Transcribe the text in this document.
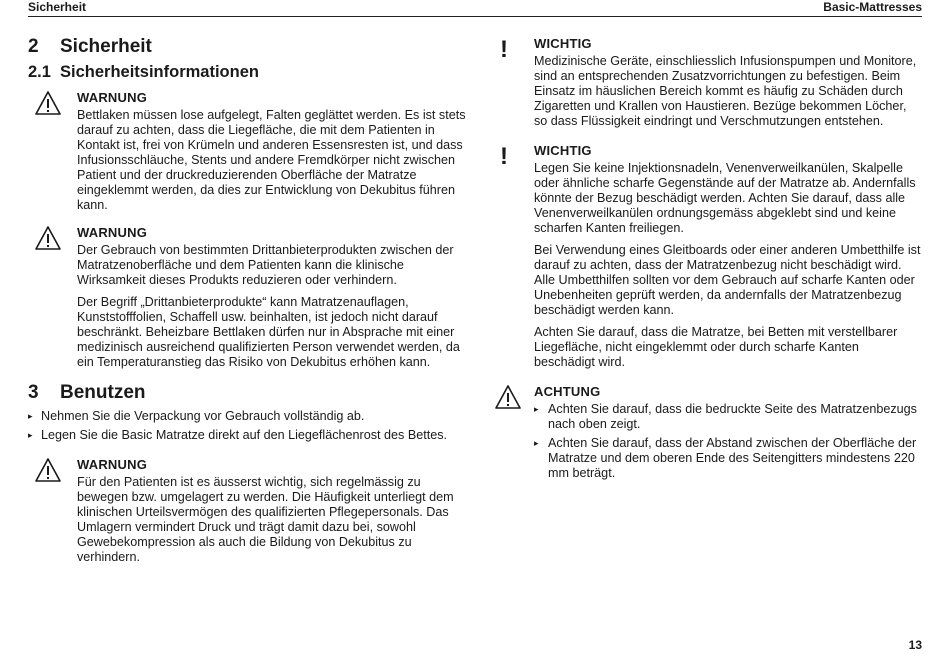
Sicherheit	Basic-Mattresses
2 Sicherheit
2.1 Sicherheitsinformationen
WARNUNG

Bettlaken müssen lose aufgelegt, Falten geglättet werden. Es ist stets darauf zu achten, dass die Liegefläche, die mit dem Patienten in Kontakt ist, frei von Krümeln und anderen Essensresten ist, und dass Infusionsschläuche, Stents und andere Fremdkörper nicht zwischen Patient und der druckreduzierenden Oberfläche der Matratze eingeklemmt werden, da dies zur Entwicklung von Dekubitus führen kann.

WARNUNG

Der Gebrauch von bestimmten Drittanbieterprodukten zwischen der Matratzenoberfläche und dem Patienten kann die klinische Wirksamkeit dieses Produkts reduzieren oder verhindern.

Der Begriff „Drittanbieterprodukte“ kann Matratzenauflagen, Kunststofffolien, Schaffell usw. beinhalten, ist jedoch nicht darauf beschränkt. Beheizbare Bettlaken dürfen nur in Absprache mit einer medizinisch ausreichend qualifizierten Person verwendet werden, da ein Temperaturanstieg das Risiko von Dekubitus erhöhen kann.

3 Benutzen
▸ Nehmen Sie die Verpackung vor Gebrauch vollständig ab.
▸ Legen Sie die Basic Matratze direkt auf den Liegeflächenrost des Bettes.
WARNUNG

Für den Patienten ist es äusserst wichtig, sich regelmässig zu bewegen bzw. umgelagert zu werden. Die Häufigkeit unterliegt dem klinischen Urteilsvermögen des qualifizierten Pflegepersonals. Das Umlagern vermindert Druck und trägt damit dazu bei, sowohl Gewebekompression als auch die Bildung von Dekubitus zu verhindern.

!	WICHTIG

Medizinische Geräte, einschliesslich Infusionspumpen und Monitore, sind an entsprechenden Zusatzvorrichtungen zu befestigen. Beim Einsatz im häuslichen Bereich kommt es häufig zu Schäden durch Zigaretten und Krallen von Haustieren. Bezüge bekommen Löcher, so dass Flüssigkeit eindringt und Verschmutzungen entstehen.

!	WICHTIG

Legen Sie keine Injektionsnadeln, Venenverweilkanülen, Skalpelle oder ähnliche scharfe Gegenstände auf der Matratze ab. Andernfalls könnte der Bezug beschädigt werden. Achten Sie darauf, dass alle Venenverweilkanülen ordnungsgemäss abgeklebt sind und keine scharfen Kanten freiliegen.

Bei Verwendung eines Gleitboards oder einer anderen Umbetthilfe ist darauf zu achten, dass der Matratzenbezug nicht beschädigt wird. Alle Umbetthilfen sollten vor dem Gebrauch auf scharfe Kanten oder Unebenheiten geprüft werden, da andernfalls der Matratzenbezug beschädigt werden kann.

Achten Sie darauf, dass die Matratze, bei Betten mit verstellbarer Liegefläche, nicht eingeklemmt oder durch scharfe Kanten beschädigt wird.

ACHTUNG
▸ Achten Sie darauf, dass die bedruckte Seite des Matratzenbezugs nach oben zeigt.
▸ Achten Sie darauf, dass der Abstand zwischen der Oberfläche der Matratze und dem oberen Ende des Seitengitters mindestens 220 mm beträgt.
13
